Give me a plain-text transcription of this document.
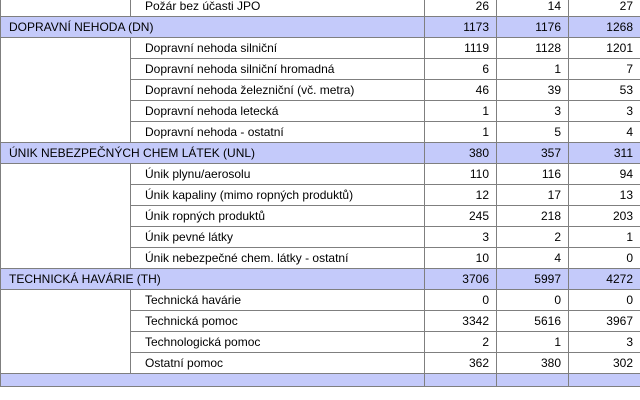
	Požár bez účasti JPO	26	14	27
DOPRAVNÍ NEHODA (DN)		1173	1176	1268
	Dopravní nehoda silniční	1119	1128	1201
	Dopravní nehoda silniční hromadná	6	1	7
	Dopravní nehoda železniční (vč. metra)	46	39	53
	Dopravní nehoda letecká	1	3	3
	Dopravní nehoda - ostatní	1	5	4
ÚNIK NEBEZPEČNÝCH CHEM LÁTEK (UNL)		380	357	311
	Únik plynu/aerosolu	110	116	94
	Únik kapaliny (mimo ropných produktů)	12	17	13
	Únik ropných produktů	245	218	203
	Únik pevné látky	3	2	1
	Únik nebezpečné chem. látky - ostatní	10	4	0
TECHNICKÁ HAVÁRIE (TH)		3706	5997	4272
	Technická havárie	0	0	0
	Technická pomoc	3342	5616	3967
	Technologická pomoc	2	1	3
	Ostatní pomoc	362	380	302
